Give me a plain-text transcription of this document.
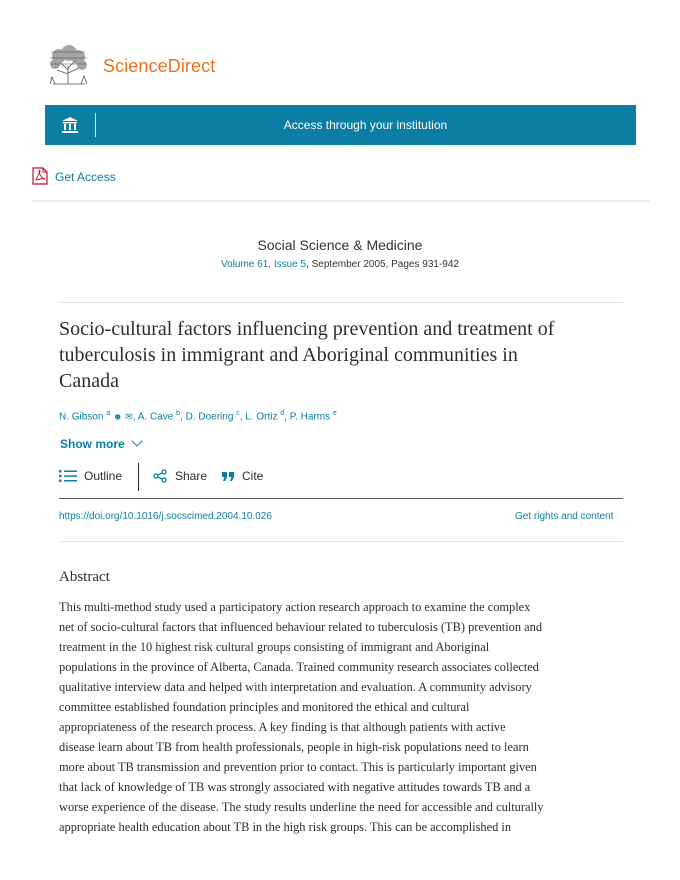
ScienceDirect
Access through your institution
Get Access
Social Science & Medicine
Volume 61, Issue 5, September 2005, Pages 931-942
Socio-cultural factors influencing prevention and treatment of
tuberculosis in immigrant and Aboriginal communities in
Canada
N. Gibson $^a$ ☻ ✉, A. Cave $^b$, D. Doering $^c$, L. Ortiz $^d$, P. Harms $^e$
Show more
Outline	Share	Cite
https://doi.org/10.1016/j.socscimed.2004.10.026	Get rights and content
Abstract
This multi-method study used a participatory action research approach to examine the complex
net of socio-cultural factors that influenced behaviour related to tuberculosis (TB) prevention and
treatment in the 10 highest risk cultural groups consisting of immigrant and Aboriginal
populations in the province of Alberta, Canada. Trained community research associates collected
qualitative interview data and helped with interpretation and evaluation. A community advisory
committee established foundation principles and monitored the ethical and cultural
appropriateness of the research process. A key finding is that although patients with active
disease learn about TB from health professionals, people in high-risk populations need to learn
more about TB transmission and prevention prior to contact. This is particularly important given
that lack of knowledge of TB was strongly associated with negative attitudes towards TB and a
worse experience of the disease. The study results underline the need for accessible and culturally
appropriate health education about TB in the high risk groups. This can be accomplished in
